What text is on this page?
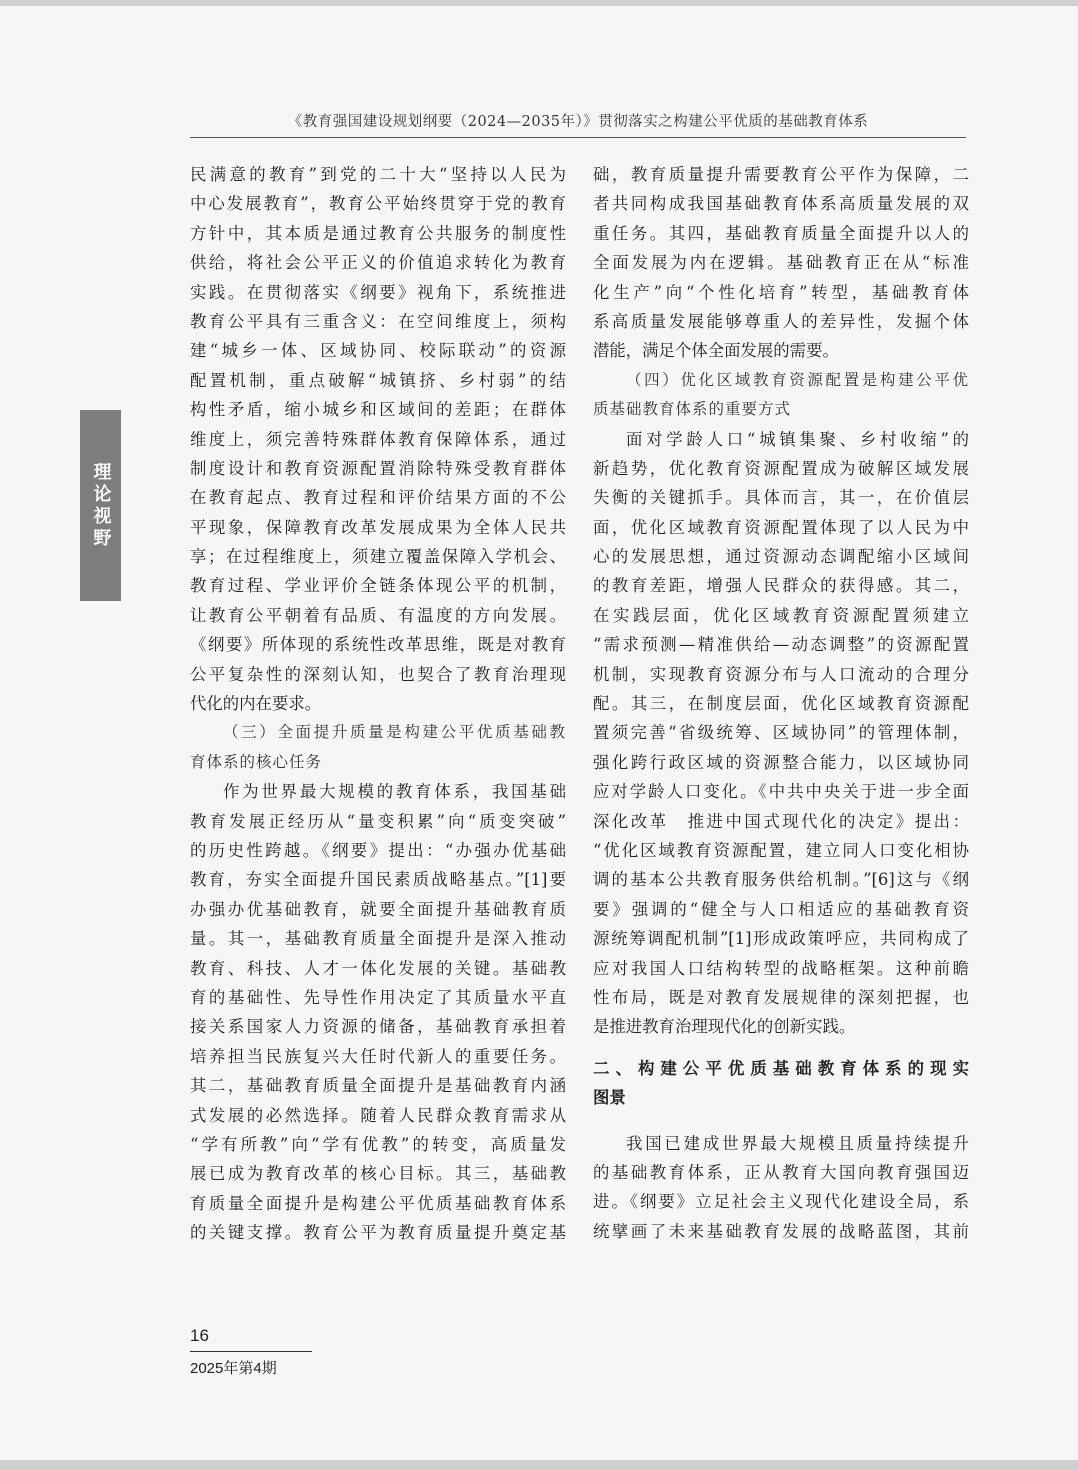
《教育强国建设规划纲要（2024—2035年）》贯彻落实之构建公平优质的基础教育体系
理论视野
民满意的教育”到党的二十大“坚持以人民为
中心发展教育”，教育公平始终贯穿于党的教育
方针中，其本质是通过教育公共服务的制度性
供给，将社会公平正义的价值追求转化为教育
实践。在贯彻落实《纲要》视角下，系统推进
教育公平具有三重含义：在空间维度上，须构
建“城乡一体、区域协同、校际联动”的资源
配置机制，重点破解“城镇挤、乡村弱”的结
构性矛盾，缩小城乡和区域间的差距；在群体
维度上，须完善特殊群体教育保障体系，通过
制度设计和教育资源配置消除特殊受教育群体
在教育起点、教育过程和评价结果方面的不公
平现象，保障教育改革发展成果为全体人民共
享；在过程维度上，须建立覆盖保障入学机会、
教育过程、学业评价全链条体现公平的机制，
让教育公平朝着有品质、有温度的方向发展。
《纲要》所体现的系统性改革思维，既是对教育
公平复杂性的深刻认知，也契合了教育治理现
代化的内在要求。
（三）全面提升质量是构建公平优质基础教
育体系的核心任务
作为世界最大规模的教育体系，我国基础
教育发展正经历从“量变积累”向“质变突破”
的历史性跨越。《纲要》提出：“办强办优基础
教育，夯实全面提升国民素质战略基点。”[1]要
办强办优基础教育，就要全面提升基础教育质
量。其一，基础教育质量全面提升是深入推动
教育、科技、人才一体化发展的关键。基础教
育的基础性、先导性作用决定了其质量水平直
接关系国家人力资源的储备，基础教育承担着
培养担当民族复兴大任时代新人的重要任务。
其二，基础教育质量全面提升是基础教育内涵
式发展的必然选择。随着人民群众教育需求从
“学有所教”向“学有优教”的转变，高质量发
展已成为教育改革的核心目标。其三，基础教
育质量全面提升是构建公平优质基础教育体系
的关键支撑。教育公平为教育质量提升奠定基
础，教育质量提升需要教育公平作为保障，二
者共同构成我国基础教育体系高质量发展的双
重任务。其四，基础教育质量全面提升以人的
全面发展为内在逻辑。基础教育正在从“标准
化生产”向“个性化培育”转型，基础教育体
系高质量发展能够尊重人的差异性，发掘个体
潜能，满足个体全面发展的需要。
（四）优化区域教育资源配置是构建公平优
质基础教育体系的重要方式
面对学龄人口“城镇集聚、乡村收缩”的
新趋势，优化教育资源配置成为破解区域发展
失衡的关键抓手。具体而言，其一，在价值层
面，优化区域教育资源配置体现了以人民为中
心的发展思想，通过资源动态调配缩小区域间
的教育差距，增强人民群众的获得感。其二，
在实践层面，优化区域教育资源配置须建立
“需求预测—精准供给—动态调整”的资源配置
机制，实现教育资源分布与人口流动的合理分
配。其三，在制度层面，优化区域教育资源配
置须完善“省级统筹、区域协同”的管理体制，
强化跨行政区域的资源整合能力，以区域协同
应对学龄人口变化。《中共中央关于进一步全面
深化改革　推进中国式现代化的决定》提出：
“优化区域教育资源配置，建立同人口变化相协
调的基本公共教育服务供给机制。”[6]这与《纲
要》强调的“健全与人口相适应的基础教育资
源统筹调配机制”[1]形成政策呼应，共同构成了
应对我国人口结构转型的战略框架。这种前瞻
性布局，既是对教育发展规律的深刻把握，也
是推进教育治理现代化的创新实践。
二、构建公平优质基础教育体系的现实
图景
我国已建成世界最大规模且质量持续提升
的基础教育体系，正从教育大国向教育强国迈
进。《纲要》立足社会主义现代化建设全局，系
统擘画了未来基础教育发展的战略蓝图，其前
16
2025年第4期
